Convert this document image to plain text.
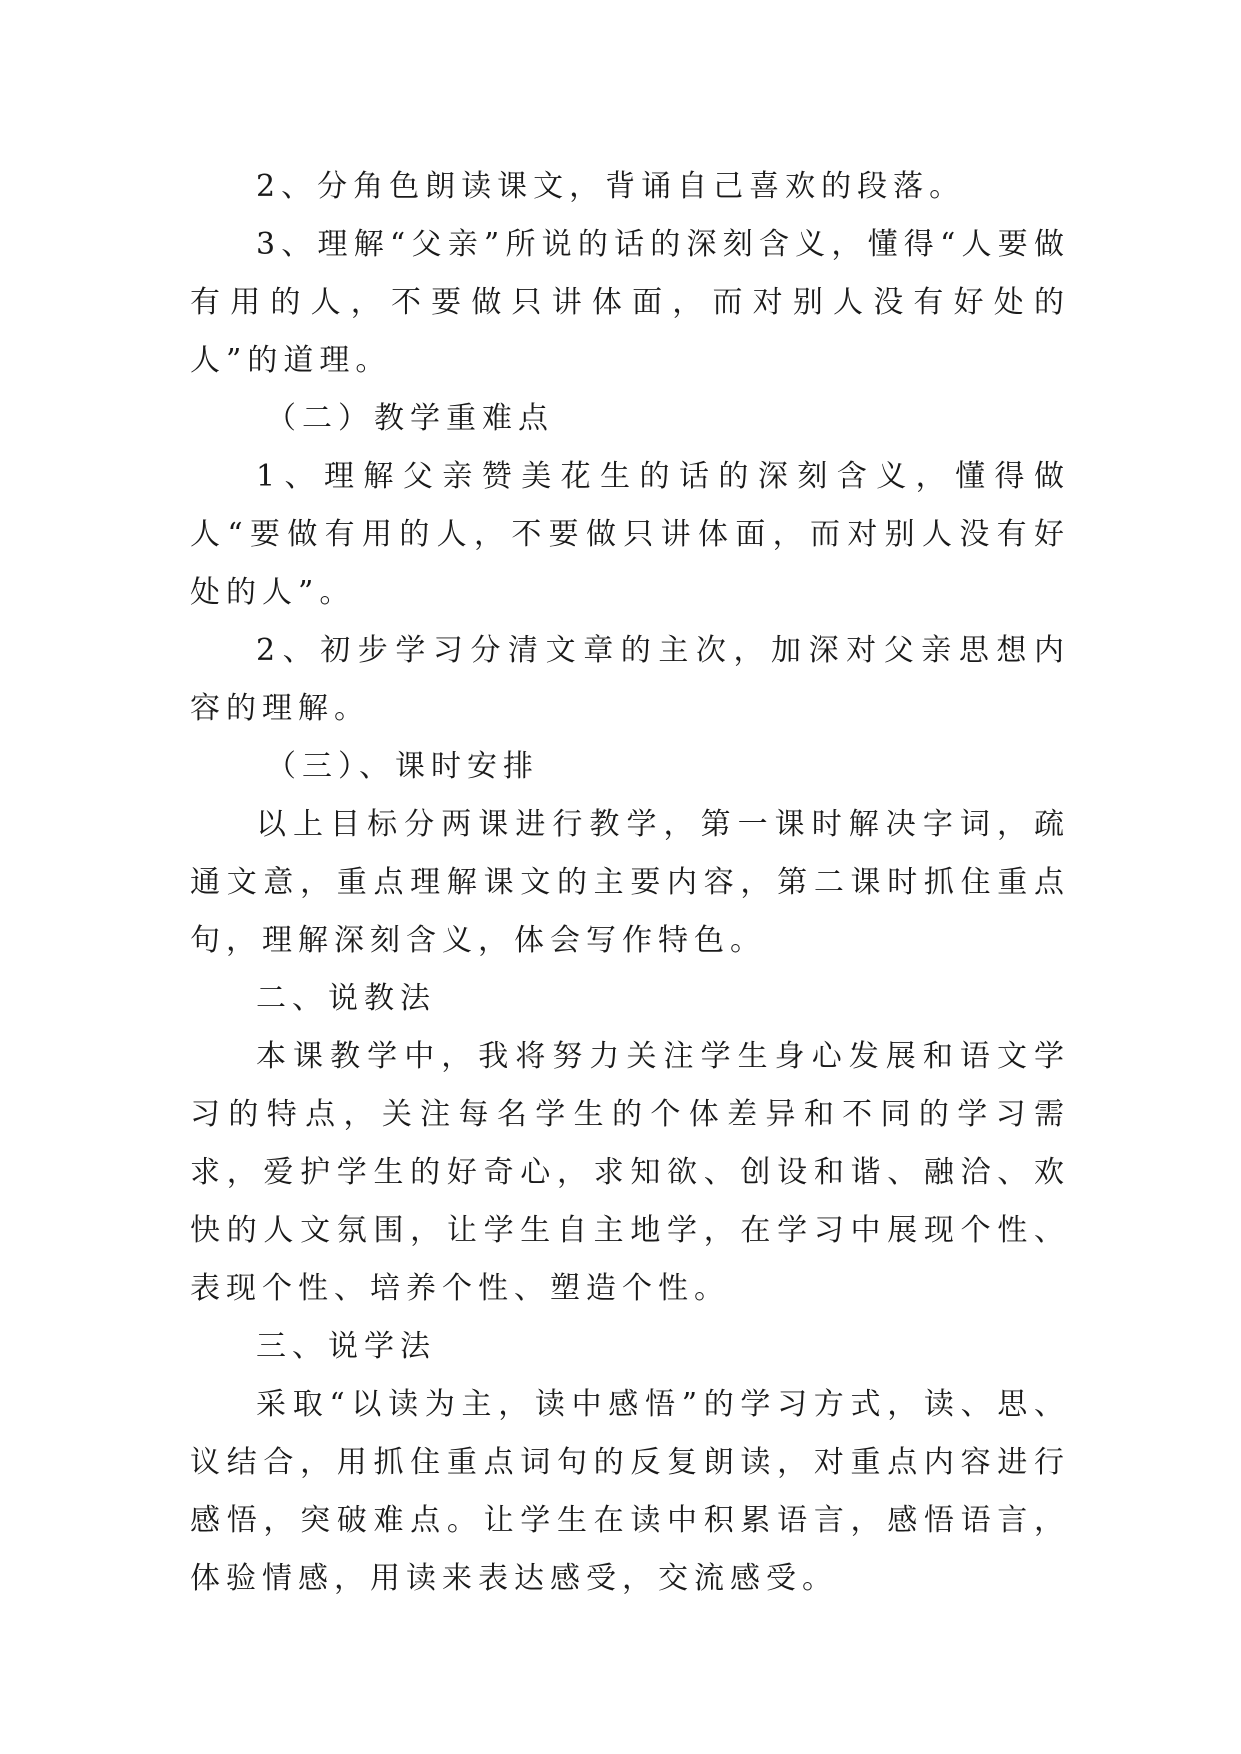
2、分角色朗读课文，背诵自己喜欢的段落。

3、理解“父亲”所说的话的深刻含义，懂得“人要做有用的人，不要做只讲体面，而对别人没有好处的人”的道理。

（二）教学重难点

1、理解父亲赞美花生的话的深刻含义，懂得做人“要做有用的人，不要做只讲体面，而对别人没有好处的人”。

2、初步学习分清文章的主次，加深对父亲思想内容的理解。

（三）、课时安排

以上目标分两课进行教学，第一课时解决字词，疏通文意，重点理解课文的主要内容，第二课时抓住重点句，理解深刻含义，体会写作特色。

二、说教法

本课教学中，我将努力关注学生身心发展和语文学习的特点，关注每名学生的个体差异和不同的学习需求，爱护学生的好奇心，求知欲、创设和谐、融洽、欢快的人文氛围，让学生自主地学，在学习中展现个性、表现个性、培养个性、塑造个性。

三、说学法

采取“以读为主，读中感悟”的学习方式，读、思、议结合，用抓住重点词句的反复朗读，对重点内容进行感悟，突破难点。让学生在读中积累语言，感悟语言，体验情感，用读来表达感受，交流感受。
